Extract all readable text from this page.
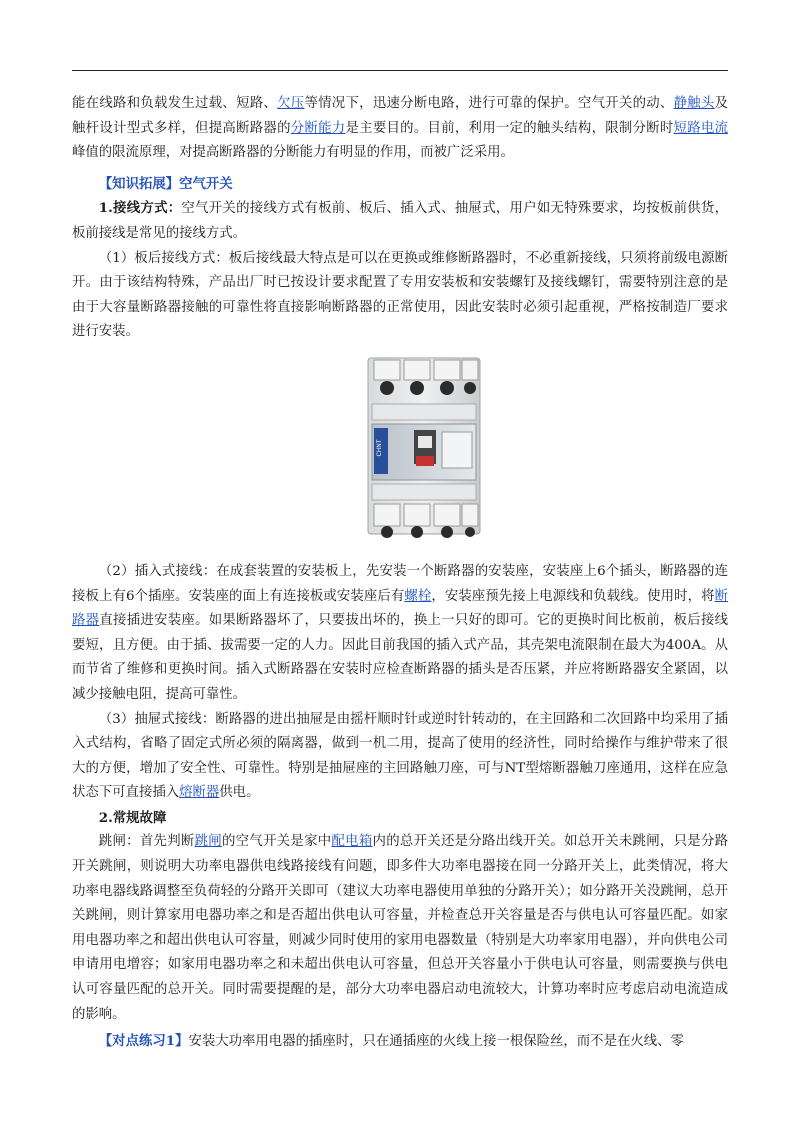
能在线路和负载发生过载、短路、欠压等情况下，迅速分断电路，进行可靠的保护。空气开关的动、静触头及触杆设计型式多样，但提高断路器的分断能力是主要目的。目前，利用一定的触头结构，限制分断时短路电流峰值的限流原理，对提高断路器的分断能力有明显的作用，而被广泛采用。

【知识拓展】空气开关

1.接线方式：空气开关的接线方式有板前、板后、插入式、抽屉式，用户如无特殊要求，均按板前供货，板前接线是常见的接线方式。

（1）板后接线方式：板后接线最大特点是可以在更换或维修断路器时，不必重新接线，只须将前级电源断开。由于该结构特殊，产品出厂时已按设计要求配置了专用安装板和安装螺钉及接线螺钉，需要特别注意的是由于大容量断路器接触的可靠性将直接影响断路器的正常使用，因此安装时必须引起重视，严格按制造厂要求进行安装。

CHNT

（2）插入式接线：在成套装置的安装板上，先安装一个断路器的安装座，安装座上6个插头，断路器的连接板上有6个插座。安装座的面上有连接板或安装座后有螺栓，安装座预先接上电源线和负载线。使用时，将断路器直接插进安装座。如果断路器坏了，只要拔出坏的，换上一只好的即可。它的更换时间比板前，板后接线要短，且方便。由于插、拔需要一定的人力。因此目前我国的插入式产品，其壳架电流限制在最大为400A。从而节省了维修和更换时间。插入式断路器在安装时应检查断路器的插头是否压紧，并应将断路器安全紧固，以减少接触电阻，提高可靠性。

（3）抽屉式接线：断路器的进出抽屉是由摇杆顺时针或逆时针转动的，在主回路和二次回路中均采用了插入式结构，省略了固定式所必须的隔离器，做到一机二用，提高了使用的经济性，同时给操作与维护带来了很大的方便，增加了安全性、可靠性。特别是抽屉座的主回路触刀座，可与NT型熔断器触刀座通用，这样在应急状态下可直接插入熔断器供电。

2.常规故障

跳闸：首先判断跳闸的空气开关是家中配电箱内的总开关还是分路出线开关。如总开关未跳闸，只是分路开关跳闸，则说明大功率电器供电线路接线有问题，即多件大功率电器接在同一分路开关上，此类情况，将大功率电器线路调整至负荷轻的分路开关即可（建议大功率电器使用单独的分路开关）；如分路开关没跳闸，总开关跳闸，则计算家用电器功率之和是否超出供电认可容量，并检查总开关容量是否与供电认可容量匹配。如家用电器功率之和超出供电认可容量，则减少同时使用的家用电器数量（特别是大功率家用电器），并向供电公司申请用电增容；如家用电器功率之和未超出供电认可容量，但总开关容量小于供电认可容量，则需要换与供电认可容量匹配的总开关。同时需要提醒的是，部分大功率电器启动电流较大，计算功率时应考虑启动电流造成的影响。

【对点练习1】安装大功率用电器的插座时，只在通插座的火线上接一根保险丝，而不是在火线、零
